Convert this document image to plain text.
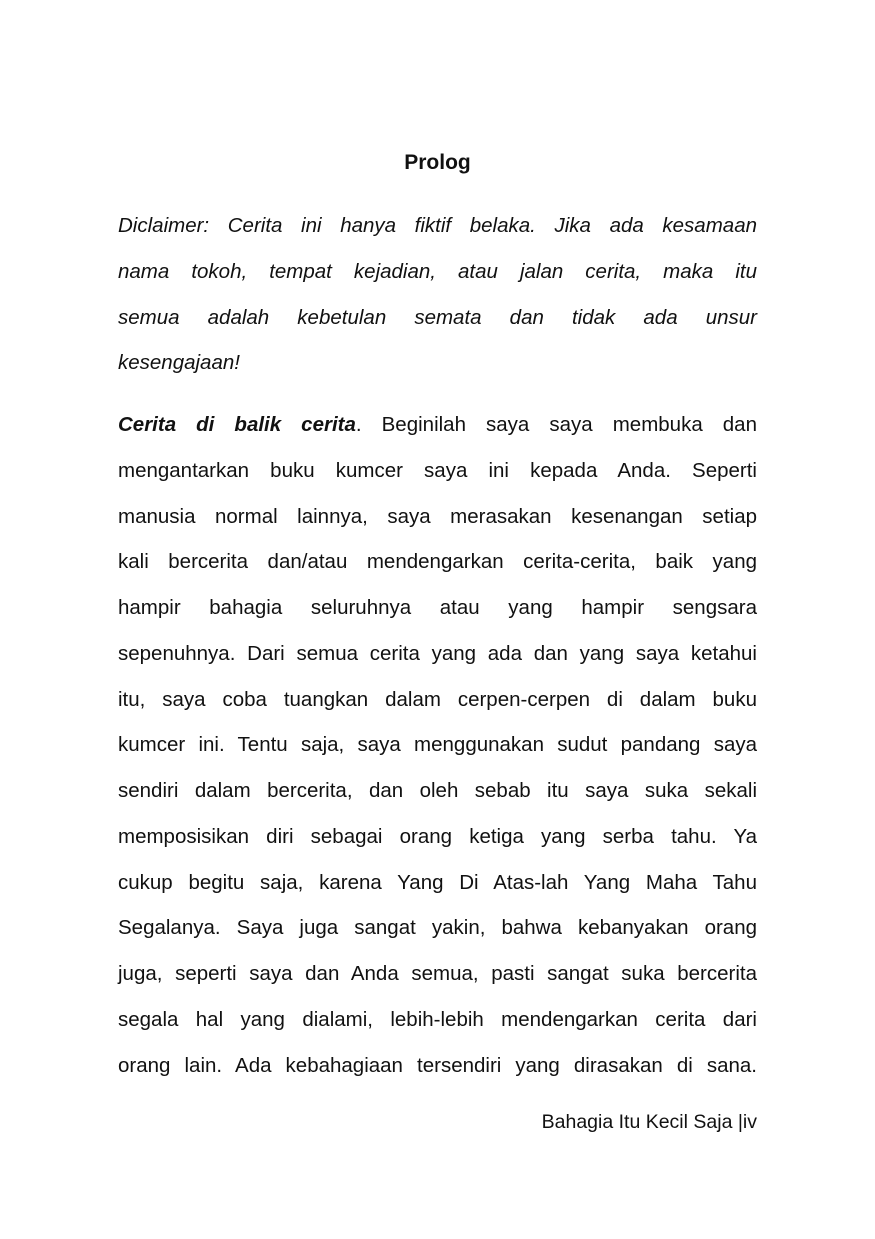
Prolog
Diclaimer: Cerita ini hanya fiktif belaka. Jika ada kesamaan
nama tokoh, tempat kejadian, atau jalan cerita, maka itu
semua adalah kebetulan semata dan tidak ada unsur
kesengajaan!
Cerita di balik cerita. Beginilah saya saya membuka dan
mengantarkan buku kumcer saya ini kepada Anda. Seperti
manusia normal lainnya, saya merasakan kesenangan setiap
kali bercerita dan/atau mendengarkan cerita-cerita, baik yang
hampir bahagia seluruhnya atau yang hampir sengsara
sepenuhnya. Dari semua cerita yang ada dan yang saya ketahui
itu, saya coba tuangkan dalam cerpen-cerpen di dalam buku
kumcer ini. Tentu saja, saya menggunakan sudut pandang saya
sendiri dalam bercerita, dan oleh sebab itu saya suka sekali
memposisikan diri sebagai orang ketiga yang serba tahu. Ya
cukup begitu saja, karena Yang Di Atas-lah Yang Maha Tahu
Segalanya. Saya juga sangat yakin, bahwa kebanyakan orang
juga, seperti saya dan Anda semua, pasti sangat suka bercerita
segala hal yang dialami, lebih-lebih mendengarkan cerita dari
orang lain. Ada kebahagiaan tersendiri yang dirasakan di sana.
Bahagia Itu Kecil Saja |iv
